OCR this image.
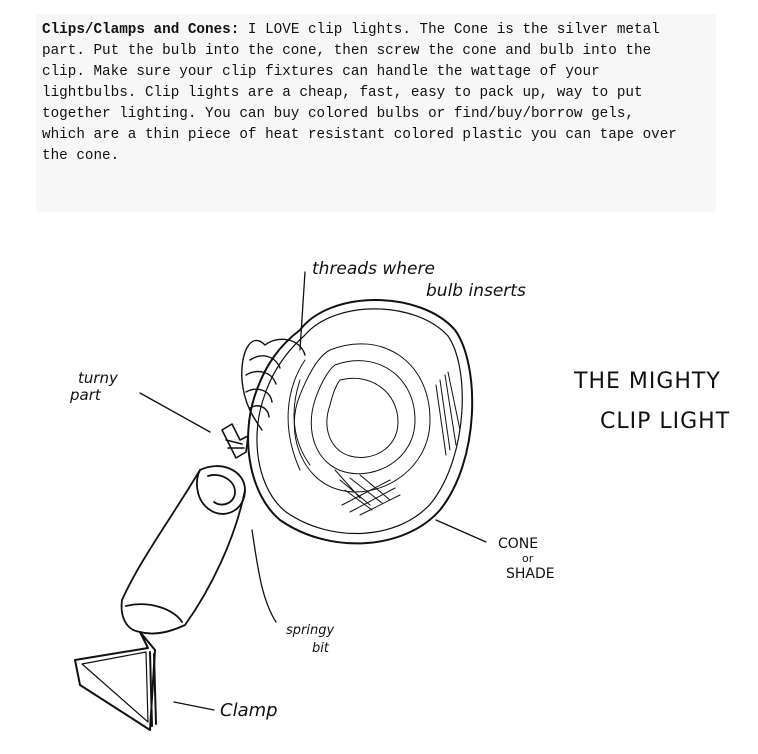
Clips/Clamps and Cones: I LOVE clip lights. The Cone is the silver metal
part. Put the bulb into the cone, then screw the cone and bulb into the
clip. Make sure your clip fixtures can handle the wattage of your
lightbulbs. Clip lights are a cheap, fast, easy to pack up, way to put
together lighting. You can buy colored bulbs or find/buy/borrow gels,
which are a thin piece of heat resistant colored plastic you can tape over
the cone.
threads where bulb inserts
turny part
CONE or SHADE
springy bit
Clamp
THE MIGHTY CLIP LIGHT
